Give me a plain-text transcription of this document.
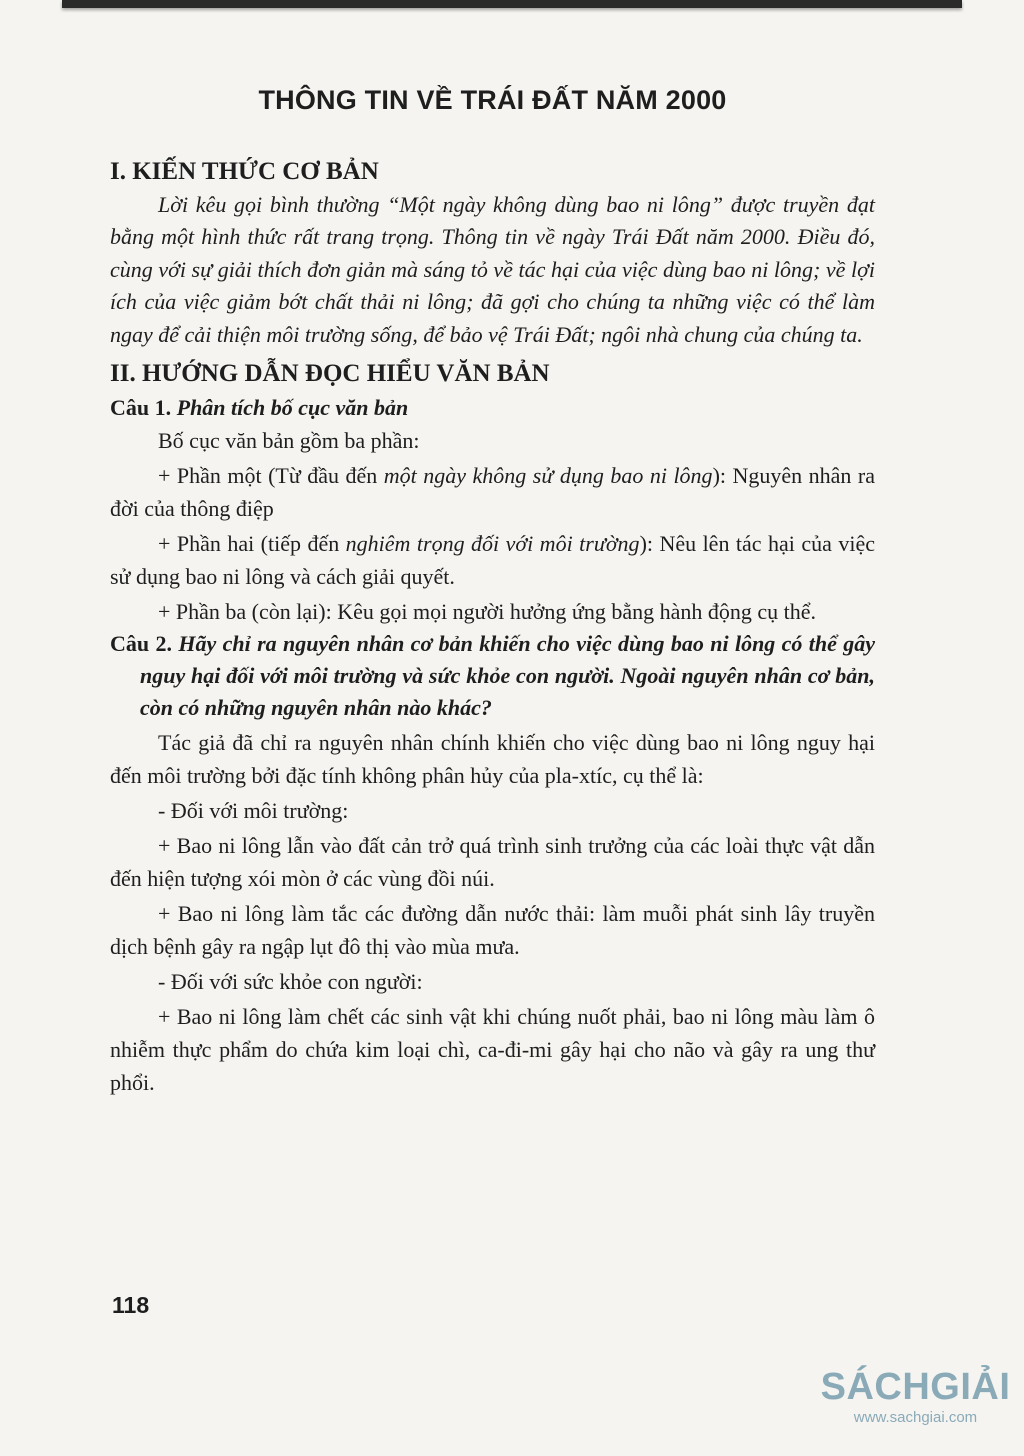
THÔNG TIN VỀ TRÁI ĐẤT NĂM 2000
I. KIẾN THỨC CƠ BẢN

Lời kêu gọi bình thường “Một ngày không dùng bao ni lông” được truyền đạt bằng một hình thức rất trang trọng. Thông tin về ngày Trái Đất năm 2000. Điều đó, cùng với sự giải thích đơn giản mà sáng tỏ về tác hại của việc dùng bao ni lông; về lợi ích của việc giảm bớt chất thải ni lông; đã gợi cho chúng ta những việc có thể làm ngay để cải thiện môi trường sống, để bảo vệ Trái Đất; ngôi nhà chung của chúng ta.

II. HƯỚNG DẪN ĐỌC HIỂU VĂN BẢN

Câu 1. Phân tích bố cục văn bản

Bố cục văn bản gồm ba phần:

+ Phần một (Từ đầu đến một ngày không sử dụng bao ni lông): Nguyên nhân ra đời của thông điệp

+ Phần hai (tiếp đến nghiêm trọng đối với môi trường): Nêu lên tác hại của việc sử dụng bao ni lông và cách giải quyết.

+ Phần ba (còn lại): Kêu gọi mọi người hưởng ứng bằng hành động cụ thể.

Câu 2. Hãy chỉ ra nguyên nhân cơ bản khiến cho việc dùng bao ni lông có thể gây nguy hại đối với môi trường và sức khỏe con người. Ngoài nguyên nhân cơ bản, còn có những nguyên nhân nào khác?

Tác giả đã chỉ ra nguyên nhân chính khiến cho việc dùng bao ni lông nguy hại đến môi trường bởi đặc tính không phân hủy của pla-xtíc, cụ thể là:

- Đối với môi trường:

+ Bao ni lông lẫn vào đất cản trở quá trình sinh trưởng của các loài thực vật dẫn đến hiện tượng xói mòn ở các vùng đồi núi.

+ Bao ni lông làm tắc các đường dẫn nước thải: làm muỗi phát sinh lây truyền dịch bệnh gây ra ngập lụt đô thị vào mùa mưa.

- Đối với sức khỏe con người:

+ Bao ni lông làm chết các sinh vật khi chúng nuốt phải, bao ni lông màu làm ô nhiễm thực phẩm do chứa kim loại chì, ca-đi-mi gây hại cho não và gây ra ung thư phổi.

118
SÁCHGIẢI
www.sachgiai.com
